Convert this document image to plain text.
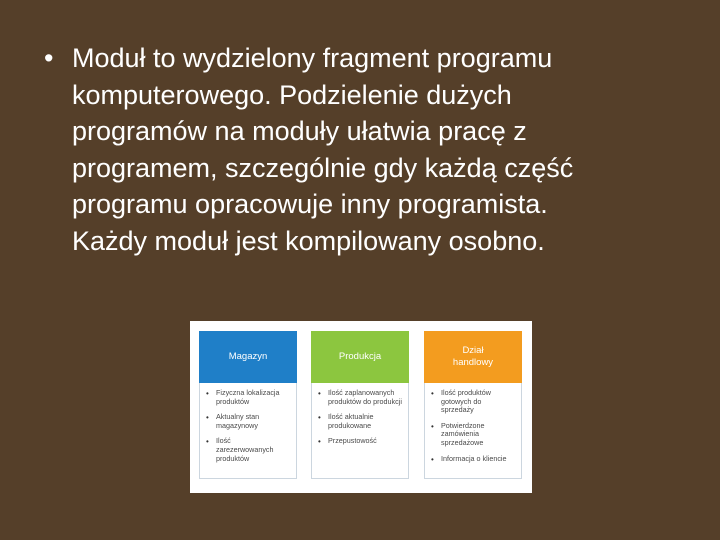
• Moduł to wydzielony fragment programu
komputerowego. Podzielenie dużych
programów na moduły ułatwia pracę z
programem, szczególnie gdy każdą część
programu opracowuje inny programista.
Każdy moduł jest kompilowany osobno.
Magazyn
• Fizyczna lokalizacja produktów
• Aktualny stan magazynowy
• Ilość zarezerwowanych produktów
Produkcja
• Ilość zaplanowanych produktów do produkcji
• Ilość aktualnie produkowane
• Przepustowość
Dział handlowy
• Ilość produktów gotowych do sprzedaży
• Potwierdzone zamówienia sprzedażowe
• Informacja o kliencie
